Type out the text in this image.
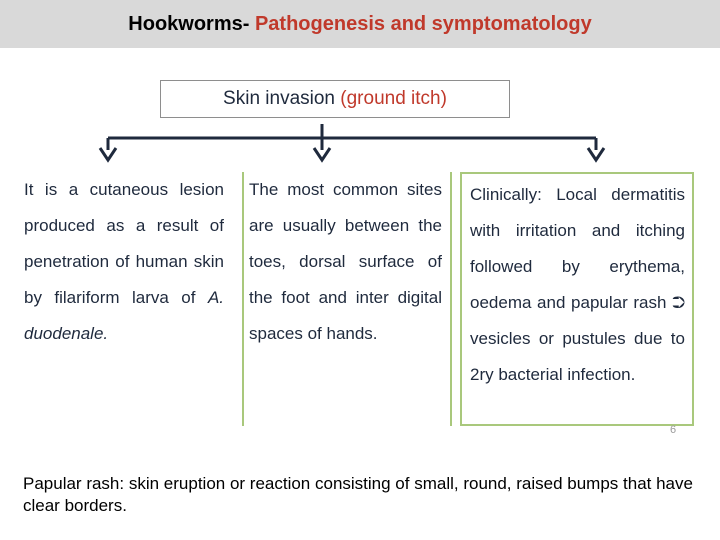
Hookworms- Pathogenesis and symptomatology
Skin invasion (ground itch)
It is a cutaneous lesion produced as a result of penetration of human skin by filariform larva of A. duodenale.
The most common sites are usually between the toes, dorsal surface of the foot and inter digital spaces of hands.
Clinically: Local dermatitis with irritation and itching followed by erythema, oedema and papular rash ⮊ vesicles or pustules due to 2ry bacterial infection.
6
Papular rash: skin eruption or reaction consisting of small, round, raised bumps that have clear borders.
